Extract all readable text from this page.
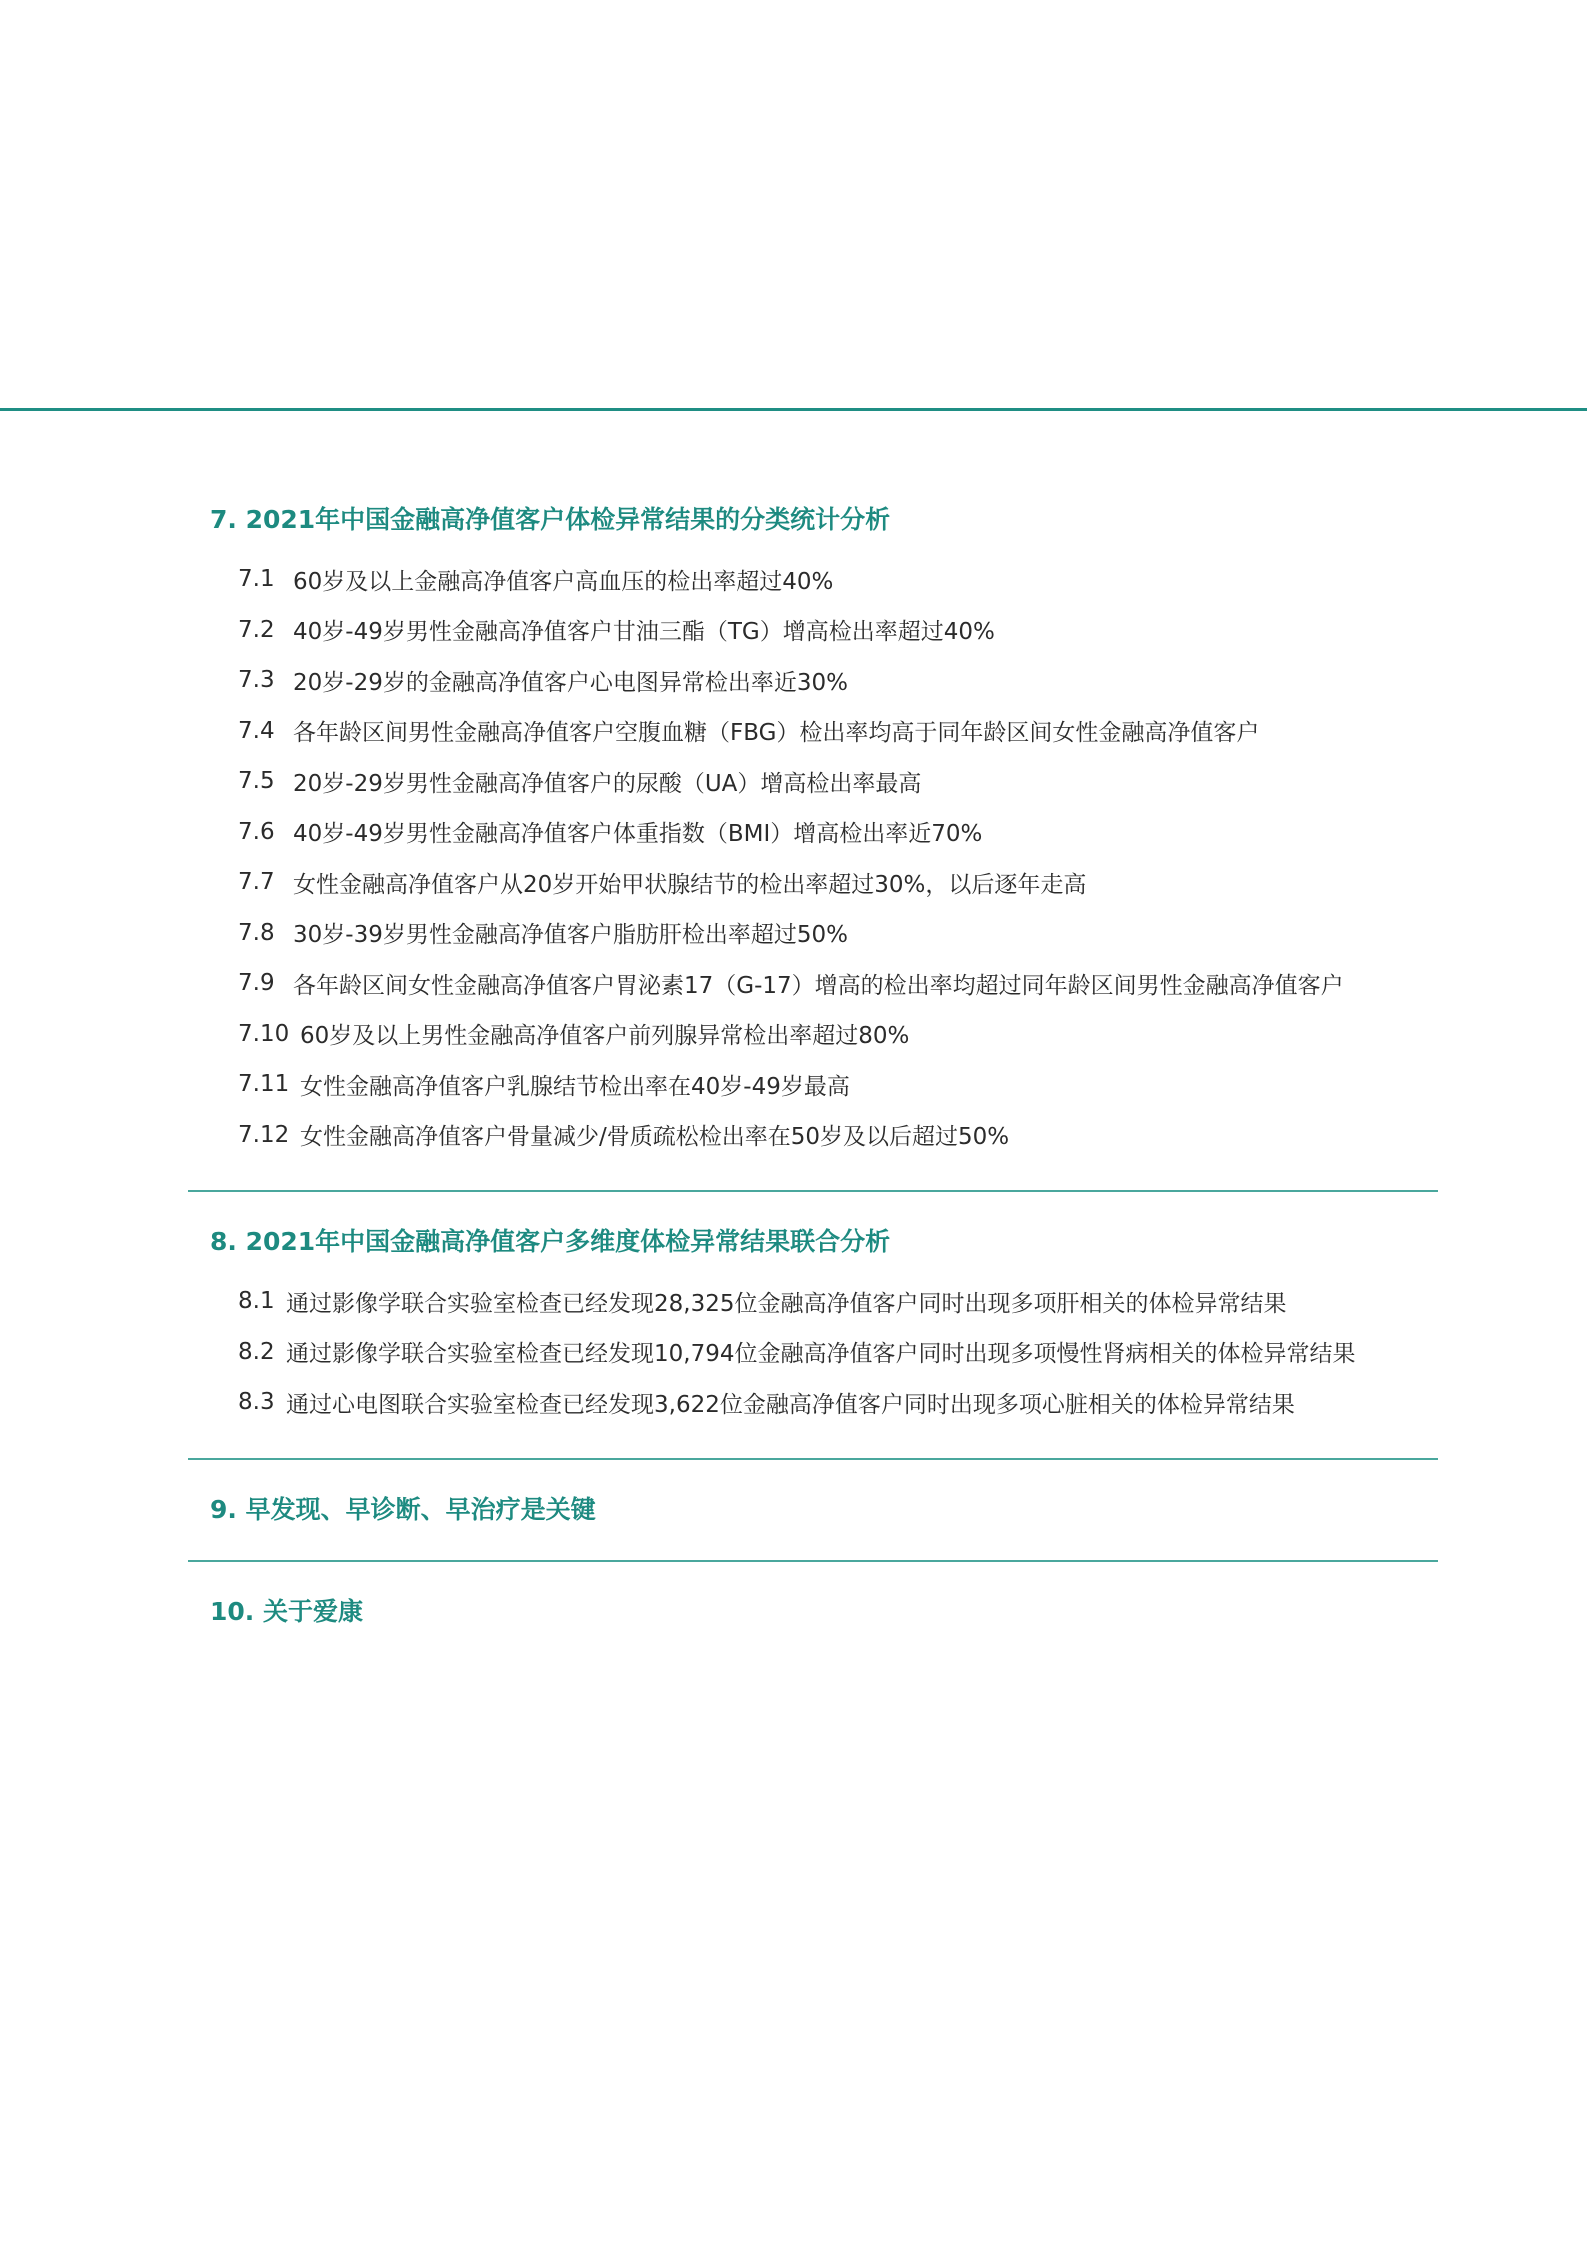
7. 2021年中国金融高净值客户体检异常结果的分类统计分析
7.1 60岁及以上金融高净值客户高血压的检出率超过40%
7.2 40岁-49岁男性金融高净值客户甘油三酯（TG）增高检出率超过40%
7.3 20岁-29岁的金融高净值客户心电图异常检出率近30%
7.4 各年龄区间男性金融高净值客户空腹血糖（FBG）检出率均高于同年龄区间女性金融高净值客户
7.5 20岁-29岁男性金融高净值客户的尿酸（UA）增高检出率最高
7.6 40岁-49岁男性金融高净值客户体重指数（BMI）增高检出率近70%
7.7 女性金融高净值客户从20岁开始甲状腺结节的检出率超过30%，以后逐年走高
7.8 30岁-39岁男性金融高净值客户脂肪肝检出率超过50%
7.9 各年龄区间女性金融高净值客户胃泌素17（G-17）增高的检出率均超过同年龄区间男性金融高净值客户
7.10 60岁及以上男性金融高净值客户前列腺异常检出率超过80%
7.11 女性金融高净值客户乳腺结节检出率在40岁-49岁最高
7.12 女性金融高净值客户骨量减少/骨质疏松检出率在50岁及以后超过50%
8. 2021年中国金融高净值客户多维度体检异常结果联合分析
8.1 通过影像学联合实验室检查已经发现28,325位金融高净值客户同时出现多项肝相关的体检异常结果
8.2 通过影像学联合实验室检查已经发现10,794位金融高净值客户同时出现多项慢性肾病相关的体检异常结果
8.3 通过心电图联合实验室检查已经发现3,622位金融高净值客户同时出现多项心脏相关的体检异常结果
9. 早发现、早诊断、早治疗是关键
10. 关于爱康
